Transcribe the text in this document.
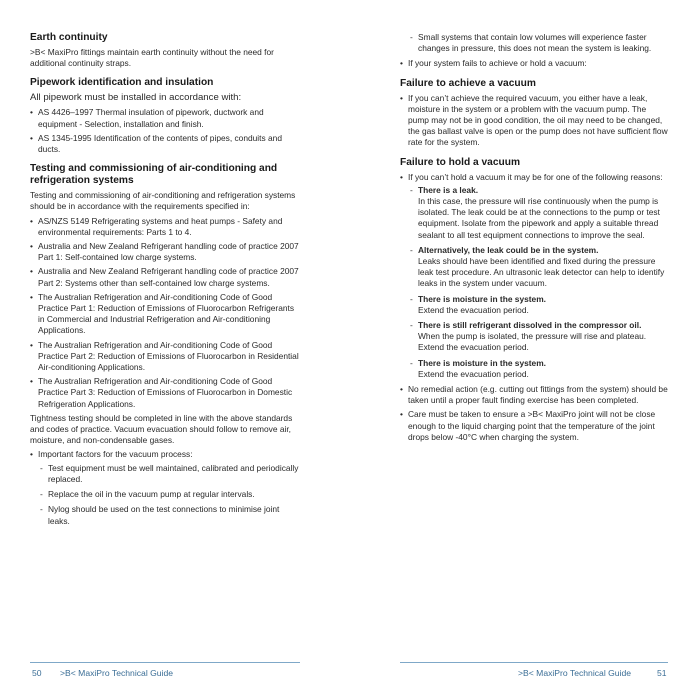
Earth continuity

>B< MaxiPro fittings maintain earth continuity without the need for additional continuity straps.

Pipework identification and insulation

All pipework must be installed in accordance with:

• AS 4426–1997 Thermal insulation of pipework, ductwork and equipment - Selection, installation and finish.
• AS 1345-1995 Identification of the contents of pipes, conduits and ducts.
Testing and commissioning of air-conditioning and refrigeration systems

Testing and commissioning of air-conditioning and refrigeration systems should be in accordance with the requirements specified in:

• AS/NZS 5149 Refrigerating systems and heat pumps - Safety and environmental requirements: Parts 1 to 4.
• Australia and New Zealand Refrigerant handling code of practice 2007 Part 1: Self-contained low charge systems.
• Australia and New Zealand Refrigerant handling code of practice 2007 Part 2: Systems other than self-contained low charge systems.
• The Australian Refrigeration and Air-conditioning Code of Good Practice Part 1: Reduction of Emissions of Fluorocarbon Refrigerants in Commercial and Industrial Refrigeration and Air-conditioning Applications.
• The Australian Refrigeration and Air-conditioning Code of Good Practice Part 2: Reduction of Emissions of Fluorocarbon in Residential Air-conditioning Applications.
• The Australian Refrigeration and Air-conditioning Code of Good Practice Part 3: Reduction of Emissions of Fluorocarbon in Domestic Refrigeration Applications.

Tightness testing should be completed in line with the above standards and codes of practice. Vacuum evacuation should follow to remove air, moisture, and non-condensable gases.

• Important factors for the vacuum process:
- Test equipment must be well maintained, calibrated and periodically replaced.
- Replace the oil in the vacuum pump at regular intervals.
- Nylog should be used on the test connections to minimise joint leaks.
50 >B< MaxiPro Technical Guide
- Small systems that contain low volumes will experience faster changes in pressure, this does not mean the system is leaking.
• If your system fails to achieve or hold a vacuum:
Failure to achieve a vacuum
• If you can’t achieve the required vacuum, you either have a leak, moisture in the system or a problem with the vacuum pump. The pump may not be in good condition, the oil may need to be changed, the gas ballast valve is open or the pump does not have sufficient flow rate for the system.
Failure to hold a vacuum
• If you can’t hold a vacuum it may be for one of the following reasons:
- There is a leak.
In this case, the pressure will rise continuously when the pump is isolated. The leak could be at the connections to the pump or test equipment. Isolate from the pipework and apply a suitable thread sealant to all test equipment connections to improve the seal.
- Alternatively, the leak could be in the system.
Leaks should have been identified and fixed during the pressure leak test procedure. An ultrasonic leak detector can help to identify leaks in the system under vacuum.
- There is moisture in the system.
Extend the evacuation period.
- There is still refrigerant dissolved in the compressor oil.
When the pump is isolated, the pressure will rise and plateau. Extend the evacuation period.
- There is moisture in the system.
Extend the evacuation period.
• No remedial action (e.g. cutting out fittings from the system) should be taken until a proper fault finding exercise has been completed.
• Care must be taken to ensure a >B< MaxiPro joint will not be close enough to the liquid charging point that the temperature of the joint drops below -40°C when charging the system.
>B< MaxiPro Technical Guide	51
